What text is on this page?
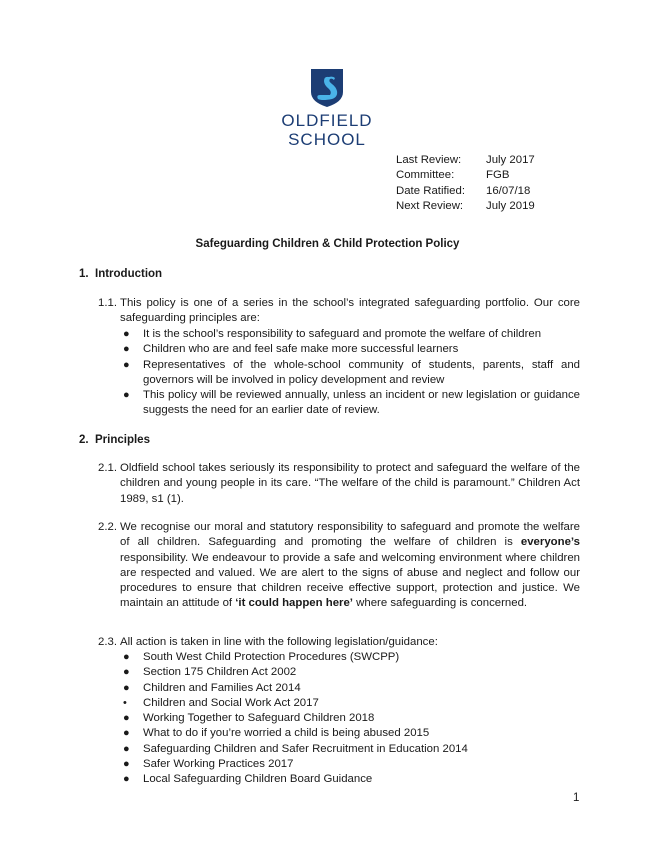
OLDFIELD
SCHOOL
Last Review: July 2017
Committee:	FGB
Date Ratified: 16/07/18
Next Review: July 2019
Safeguarding Children & Child Protection Policy
1. Introduction
1.1. This policy is one of a series in the school’s integrated safeguarding portfolio. Our core safeguarding principles are:
● It is the school’s responsibility to safeguard and promote the welfare of children
● Children who are and feel safe make more successful learners
● Representatives of the whole-school community of students, parents, staff and governors will be involved in policy development and review
● This policy will be reviewed annually, unless an incident or new legislation or guidance suggests the need for an earlier date of review.
2. Principles
2.1. Oldfield school takes seriously its responsibility to protect and safeguard the welfare of the children and young people in its care. “The welfare of the child is paramount.” Children Act 1989, s1 (1).
2.2. We recognise our moral and statutory responsibility to safeguard and promote the welfare of all children. Safeguarding and promoting the welfare of children is everyone’s responsibility. We endeavour to provide a safe and welcoming environment where children are respected and valued. We are alert to the signs of abuse and neglect and follow our procedures to ensure that children receive effective support, protection and justice. We maintain an attitude of ‘it could happen here’ where safeguarding is concerned.
2.3. All action is taken in line with the following legislation/guidance:
● South West Child Protection Procedures (SWCPP)
● Section 175 Children Act 2002
● Children and Families Act 2014
• Children and Social Work Act 2017
● Working Together to Safeguard Children 2018
● What to do if you’re worried a child is being abused 2015
● Safeguarding Children and Safer Recruitment in Education 2014
● Safer Working Practices 2017
● Local Safeguarding Children Board Guidance
1
